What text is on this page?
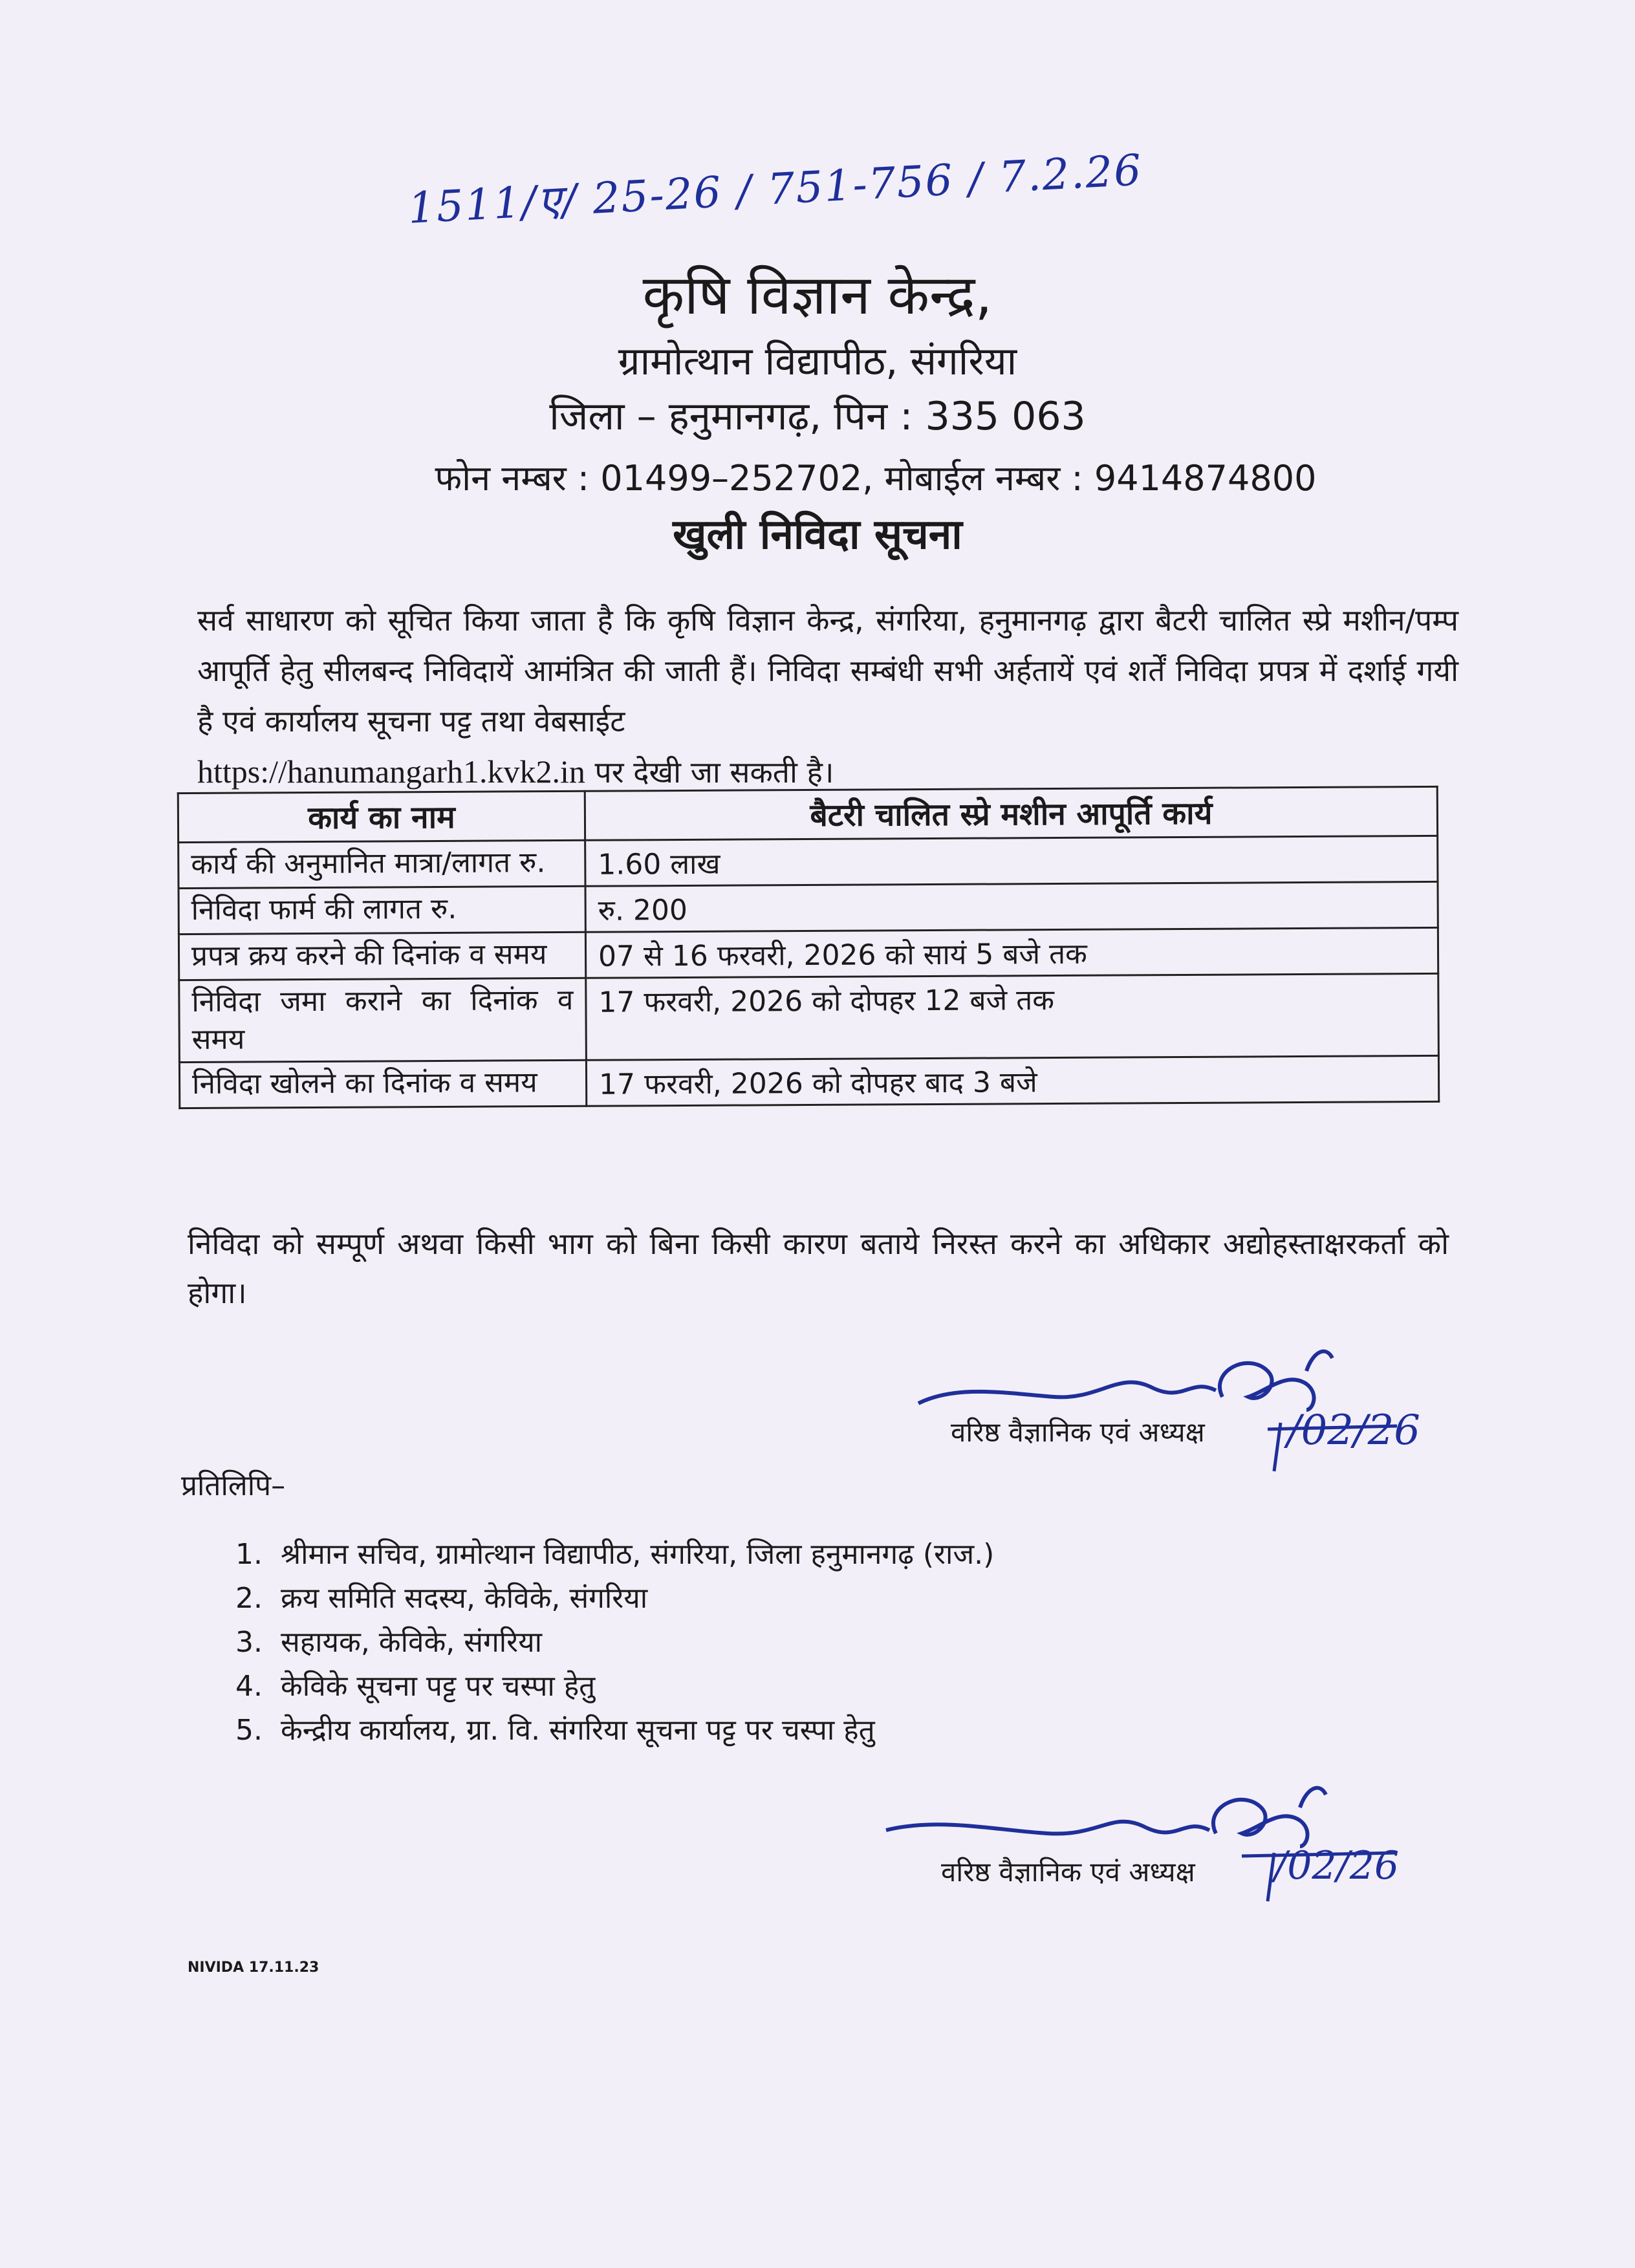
1511/ए/ 25-26 / 751-756 / 7.2.26
कृषि विज्ञान केन्द्र,
ग्रामोत्थान विद्यापीठ, संगरिया
जिला – हनुमानगढ़, पिन : 335 063
फोन नम्बर : 01499–252702, मोबाईल नम्बर : 9414874800
खुली निविदा सूचना
सर्व साधारण को सूचित किया जाता है कि कृषि विज्ञान केन्द्र, संगरिया, हनुमानगढ़ द्वारा बैटरी चालित स्प्रे मशीन/पम्प आपूर्ति हेतु सीलबन्द निविदायें आमंत्रित की जाती हैं। निविदा सम्बंधी सभी अर्हतायें एवं शर्तें निविदा प्रपत्र में दर्शाई गयी है एवं कार्यालय सूचना पट्ट तथा वेबसाईट
https://hanumangarh1.kvk2.in पर देखी जा सकती है।
कार्य का नाम	बैटरी चालित स्प्रे मशीन आपूर्ति कार्य
कार्य की अनुमानित मात्रा/लागत रु.	1.60 लाख
निविदा फार्म की लागत रु.	रु. 200
प्रपत्र क्रय करने की दिनांक व समय	07 से 16 फरवरी, 2026 को सायं 5 बजे तक
निविदा जमा कराने का दिनांक व समय	17 फरवरी, 2026 को दोपहर 12 बजे तक
निविदा खोलने का दिनांक व समय	17 फरवरी, 2026 को दोपहर बाद 3 बजे
निविदा को सम्पूर्ण अथवा किसी भाग को बिना किसी कारण बताये निरस्त करने का अधिकार अद्योहस्ताक्षरकर्ता को होगा।
वरिष्ठ वैज्ञानिक एवं अध्यक्ष /02/26
प्रतिलिपि–
1. श्रीमान सचिव, ग्रामोत्थान विद्यापीठ, संगरिया, जिला हनुमानगढ़ (राज.)
2. क्रय समिति सदस्य, केविके, संगरिया
3. सहायक, केविके, संगरिया
4. केविके सूचना पट्ट पर चस्पा हेतु
5. केन्द्रीय कार्यालय, ग्रा. वि. संगरिया सूचना पट्ट पर चस्पा हेतु
वरिष्ठ वैज्ञानिक एवं अध्यक्ष /02/26
NIVIDA 17.11.23
